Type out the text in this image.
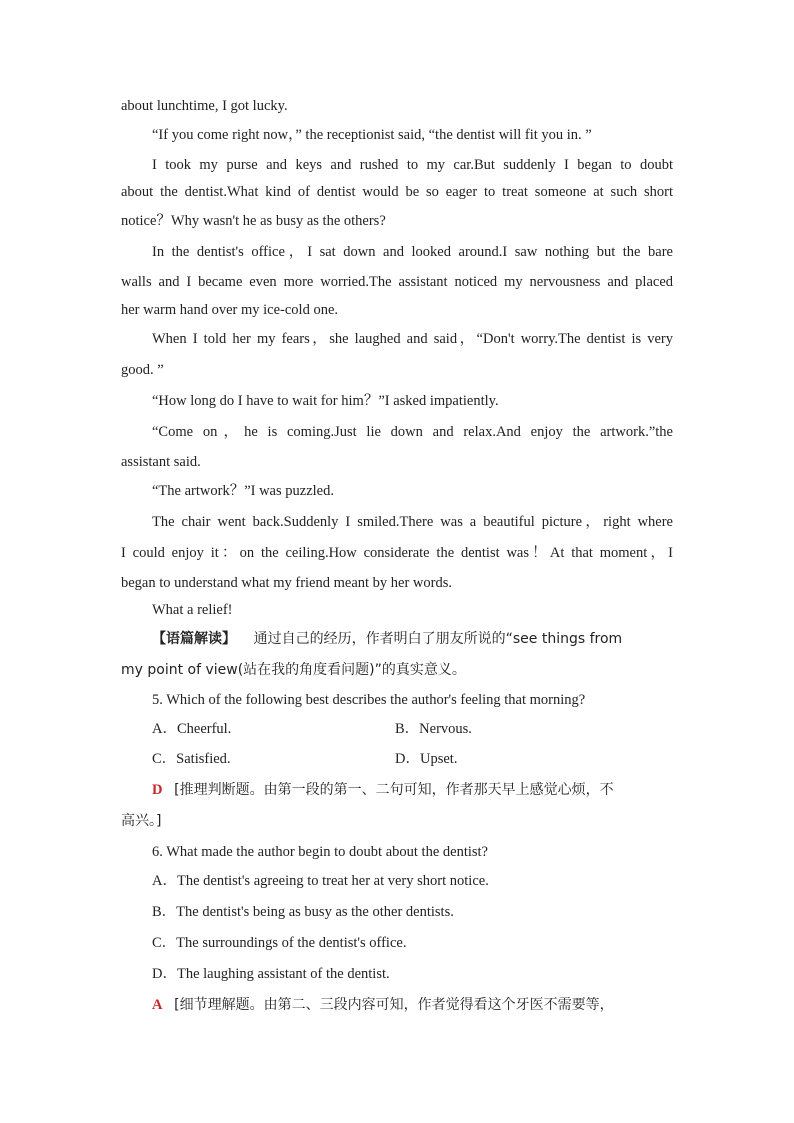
about lunchtime, I got lucky.
“If you come right now，” the receptionist said, “the dentist will fit you in. ”
I took my purse and keys and rushed to my car.But suddenly I began to doubt
about the dentist.What kind of dentist would be so eager to treat someone at such short
notice？Why wasn't he as busy as the others?
In the dentist's office，I sat down and looked around.I saw nothing but the bare
walls and I became even more worried.The assistant noticed my nervousness and placed
her warm hand over my ice-cold one.
When I told her my fears，she laughed and said，“Don't worry.The dentist is very
good. ”
“How long do I have to wait for him？”I asked impatiently.
“Come on，he is coming.Just lie down and relax.And enjoy the artwork.”the
assistant said.
“The artwork？”I was puzzled.
The chair went back.Suddenly I smiled.There was a beautiful picture，right where
I could enjoy it：on the ceiling.How considerate the dentist was！At that moment，I
began to understand what my friend meant by her words.
What a relief!
【语篇解读】 通过自己的经历，作者明白了朋友所说的“see things from
my point of view(站在我的角度看问题)”的真实意义。
5. Which of the following best describes the author's feeling that morning?
A．Cheerful.	B．Nervous.
C．Satisfied.	D．Upset.
D [推理判断题。由第一段的第一、二句可知，作者那天早上感觉心烦，不
高兴。]
6. What made the author begin to doubt about the dentist?
A．The dentist's agreeing to treat her at very short notice.
B．The dentist's being as busy as the other dentists.
C．The surroundings of the dentist's office.
D．The laughing assistant of the dentist.
A [细节理解题。由第二、三段内容可知，作者觉得看这个牙医不需要等，
